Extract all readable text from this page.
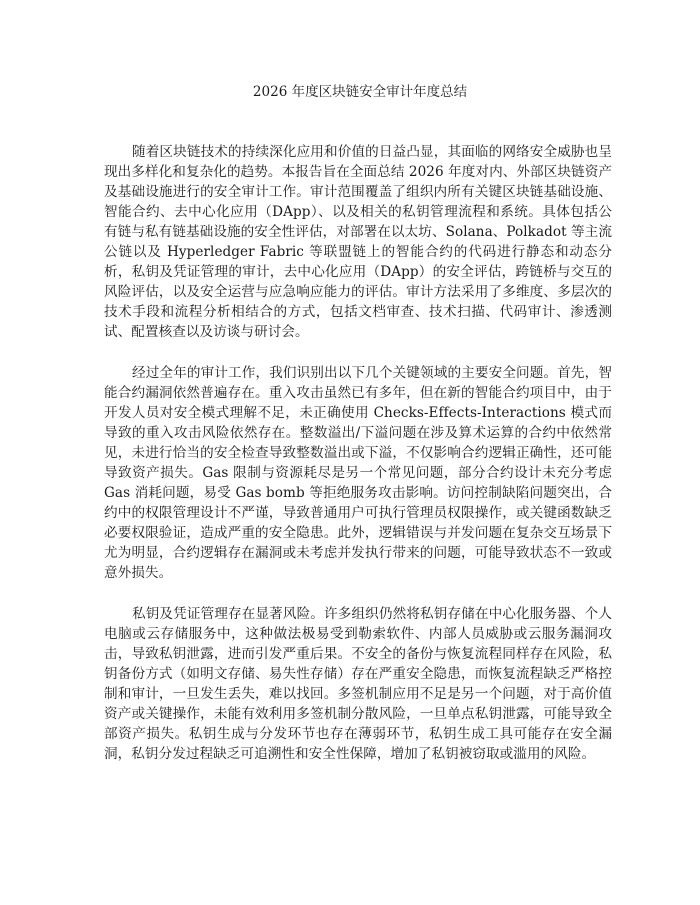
2026 年度区块链安全审计年度总结

随着区块链技术的持续深化应用和价值的日益凸显，其面临的网络安全威胁也呈现出多样化和复杂化的趋势。本报告旨在全面总结 2026 年度对内、外部区块链资产及基础设施进行的安全审计工作。审计范围覆盖了组织内所有关键区块链基础设施、智能合约、去中心化应用（DApp）、以及相关的私钥管理流程和系统。具体包括公有链与私有链基础设施的安全性评估，对部署在以太坊、Solana、Polkadot 等主流公链以及 Hyperledger Fabric 等联盟链上的智能合约的代码进行静态和动态分析，私钥及凭证管理的审计，去中心化应用（DApp）的安全评估，跨链桥与交互的风险评估，以及安全运营与应急响应能力的评估。审计方法采用了多维度、多层次的技术手段和流程分析相结合的方式，包括文档审查、技术扫描、代码审计、渗透测试、配置核查以及访谈与研讨会。

经过全年的审计工作，我们识别出以下几个关键领域的主要安全问题。首先，智能合约漏洞依然普遍存在。重入攻击虽然已有多年，但在新的智能合约项目中，由于开发人员对安全模式理解不足，未正确使用 Checks-Effects-Interactions 模式而导致的重入攻击风险依然存在。整数溢出/下溢问题在涉及算术运算的合约中依然常见，未进行恰当的安全检查导致整数溢出或下溢，不仅影响合约逻辑正确性，还可能导致资产损失。Gas 限制与资源耗尽是另一个常见问题，部分合约设计未充分考虑 Gas 消耗问题，易受 Gas bomb 等拒绝服务攻击影响。访问控制缺陷问题突出，合约中的权限管理设计不严谨，导致普通用户可执行管理员权限操作，或关键函数缺乏必要权限验证，造成严重的安全隐患。此外，逻辑错误与并发问题在复杂交互场景下尤为明显，合约逻辑存在漏洞或未考虑并发执行带来的问题，可能导致状态不一致或意外损失。

私钥及凭证管理存在显著风险。许多组织仍然将私钥存储在中心化服务器、个人电脑或云存储服务中，这种做法极易受到勒索软件、内部人员威胁或云服务漏洞攻击，导致私钥泄露，进而引发严重后果。不安全的备份与恢复流程同样存在风险，私钥备份方式（如明文存储、易失性存储）存在严重安全隐患，而恢复流程缺乏严格控制和审计，一旦发生丢失，难以找回。多签机制应用不足是另一个问题，对于高价值资产或关键操作，未能有效利用多签机制分散风险，一旦单点私钥泄露，可能导致全部资产损失。私钥生成与分发环节也存在薄弱环节，私钥生成工具可能存在安全漏洞，私钥分发过程缺乏可追溯性和安全性保障，增加了私钥被窃取或滥用的风险。
